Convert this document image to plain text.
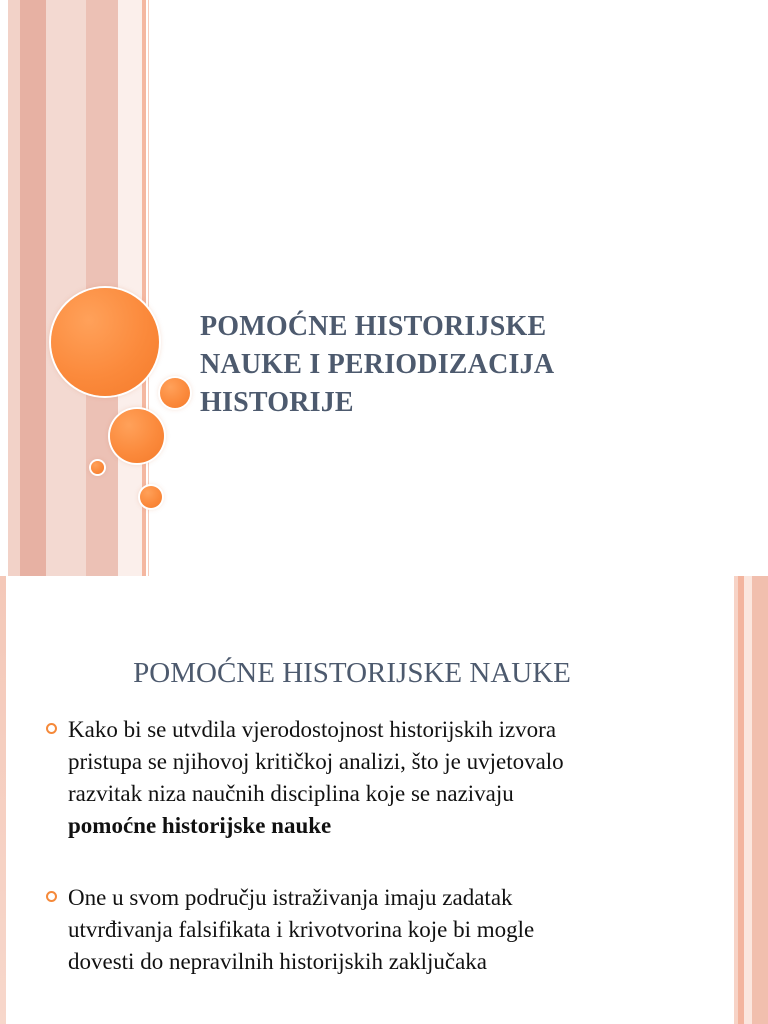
POMOĆNE HISTORIJSKE
NAUKE I PERIODIZACIJA
HISTORIJE
POMOĆNE HISTORIJSKE NAUKE
Kako bi se utvdila vjerodostojnost historijskih izvora
pristupa se njihovoj kritičkoj analizi, što je uvjetovalo
razvitak niza naučnih disciplina koje se nazivaju
pomoćne historijske nauke
One u svom području istraživanja imaju zadatak
utvrđivanja falsifikata i krivotvorina koje bi mogle
dovesti do nepravilnih historijskih zaključaka
